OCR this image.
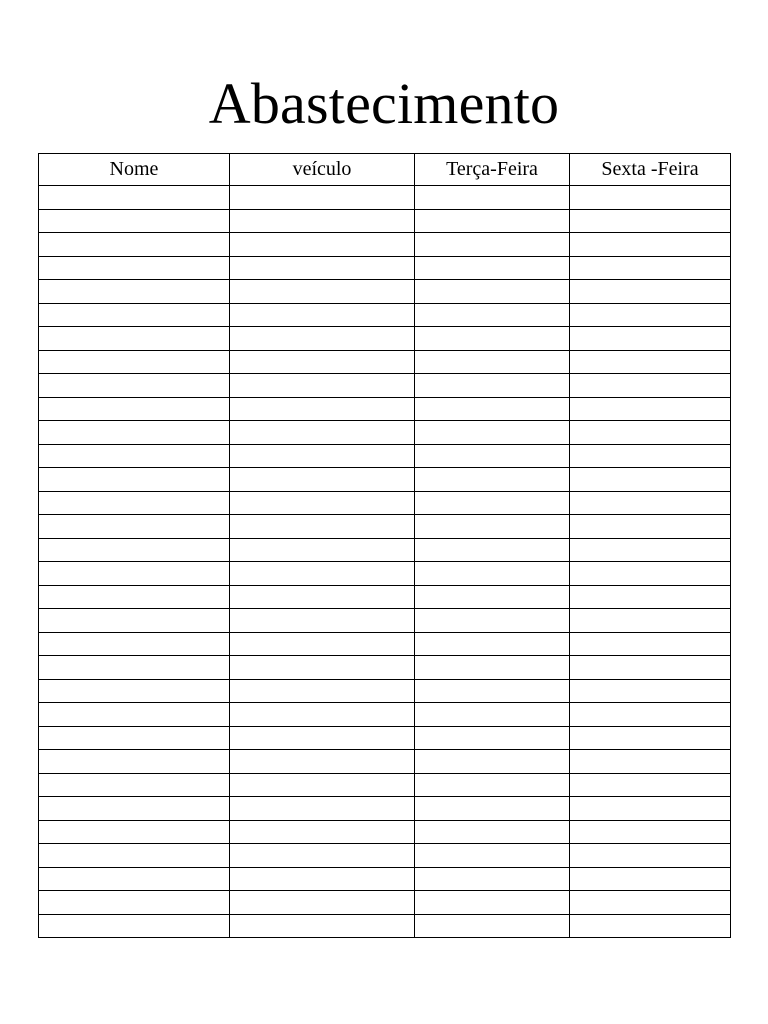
Abastecimento
Nome	veículo	Terça-Feira	Sexta -Feira
